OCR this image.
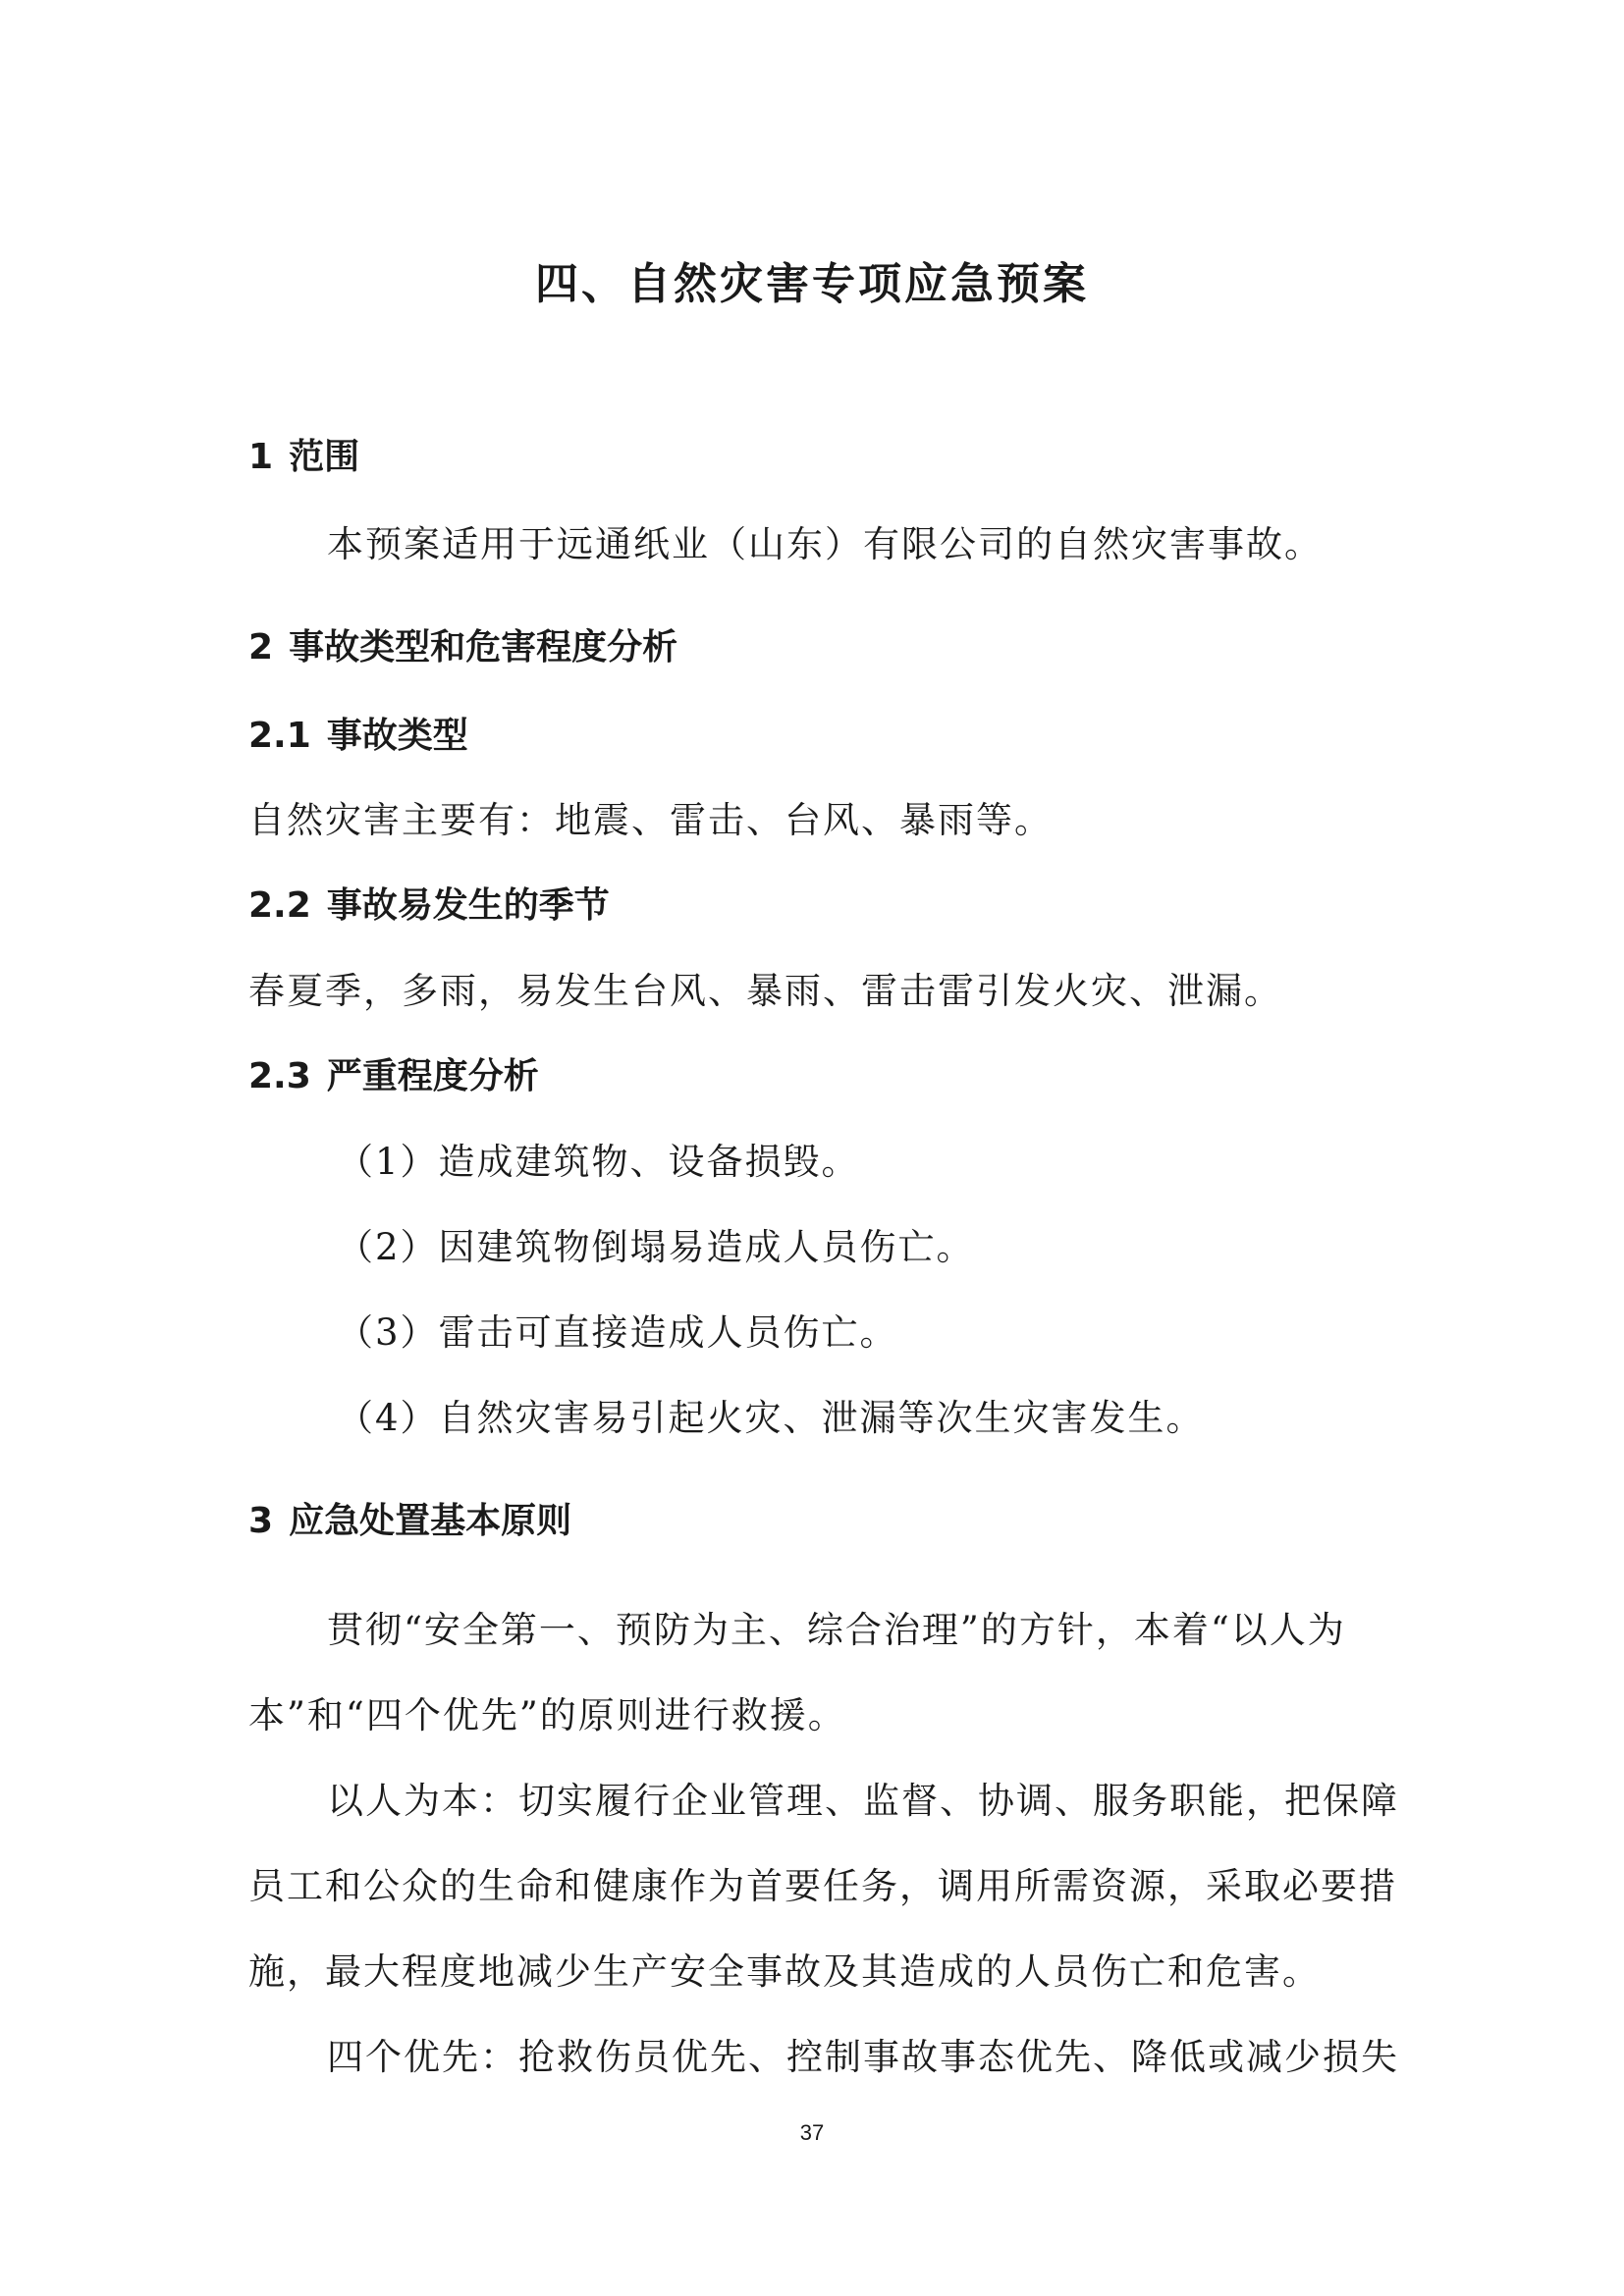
四、自然灾害专项应急预案
1 范围
本预案适用于远通纸业（山东）有限公司的自然灾害事故。
2 事故类型和危害程度分析
2.1 事故类型
自然灾害主要有：地震、雷击、台风、暴雨等。
2.2 事故易发生的季节
春夏季，多雨，易发生台风、暴雨、雷击雷引发火灾、泄漏。
2.3 严重程度分析
（1）造成建筑物、设备损毁。
（2）因建筑物倒塌易造成人员伤亡。
（3）雷击可直接造成人员伤亡。
（4）自然灾害易引起火灾、泄漏等次生灾害发生。
3 应急处置基本原则
贯彻“安全第一、预防为主、综合治理”的方针，本着“以人为
本”和“四个优先”的原则进行救援。
以人为本：切实履行企业管理、监督、协调、服务职能，把保障
员工和公众的生命和健康作为首要任务，调用所需资源，采取必要措
施，最大程度地减少生产安全事故及其造成的人员伤亡和危害。
四个优先：抢救伤员优先、控制事故事态优先、降低或减少损失
37
